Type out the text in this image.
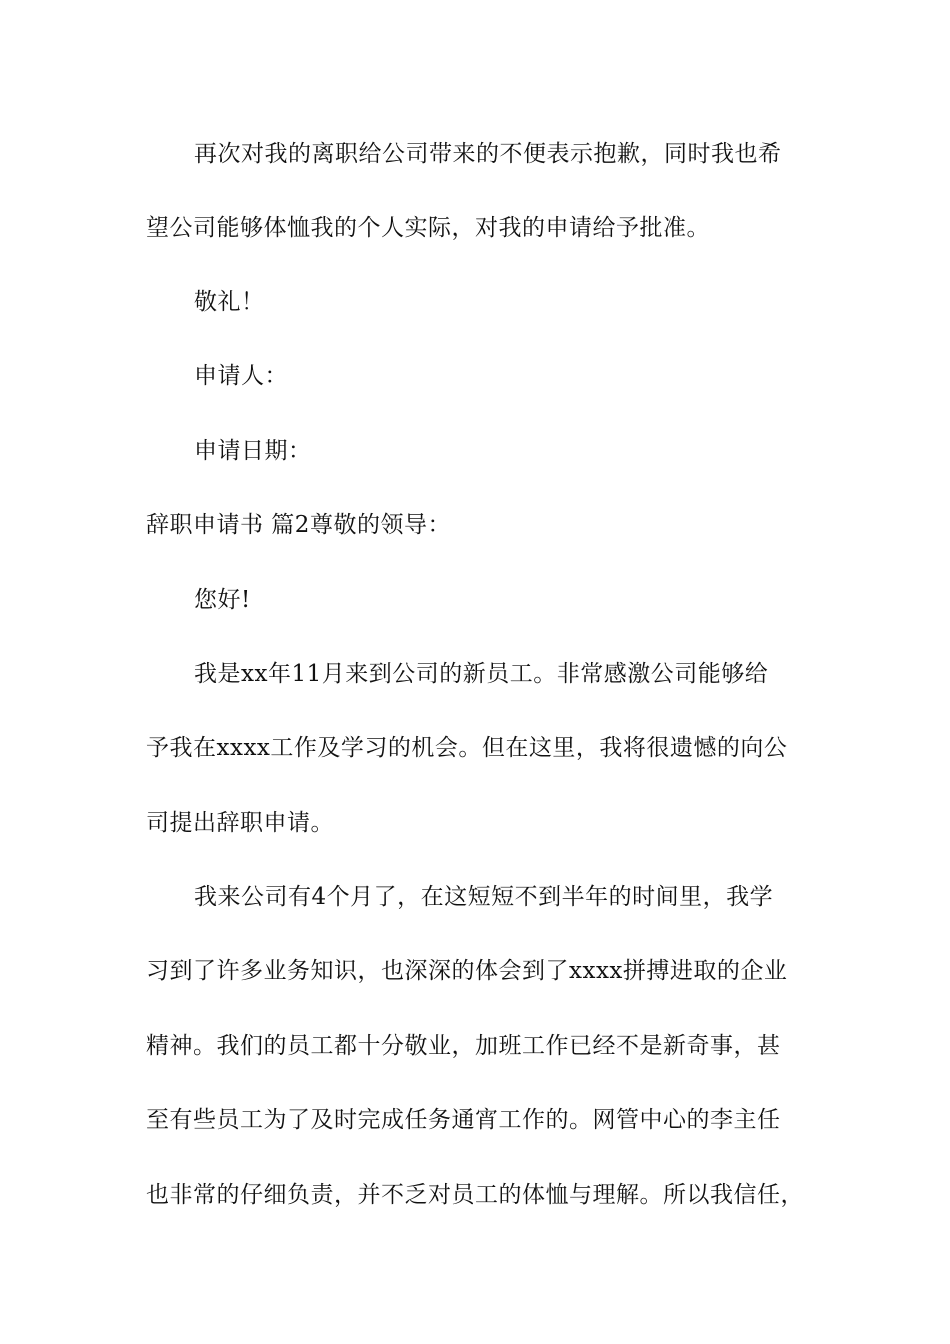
再次对我的离职给公司带来的不便表示抱歉，同时我也希
望公司能够体恤我的个人实际，对我的申请给予批准。
敬礼！
申请人：
申请日期：
辞职申请书 篇2尊敬的领导：
您好!
我是xx年11月来到公司的新员工。非常感激公司能够给
予我在xxxx工作及学习的机会。但在这里，我将很遗憾的向公
司提出辞职申请。
我来公司有4个月了，在这短短不到半年的时间里，我学
习到了许多业务知识，也深深的体会到了xxxx拼搏进取的企业
精神。我们的员工都十分敬业，加班工作已经不是新奇事，甚
至有些员工为了及时完成任务通宵工作的。网管中心的李主任
也非常的仔细负责，并不乏对员工的体恤与理解。所以我信任，
